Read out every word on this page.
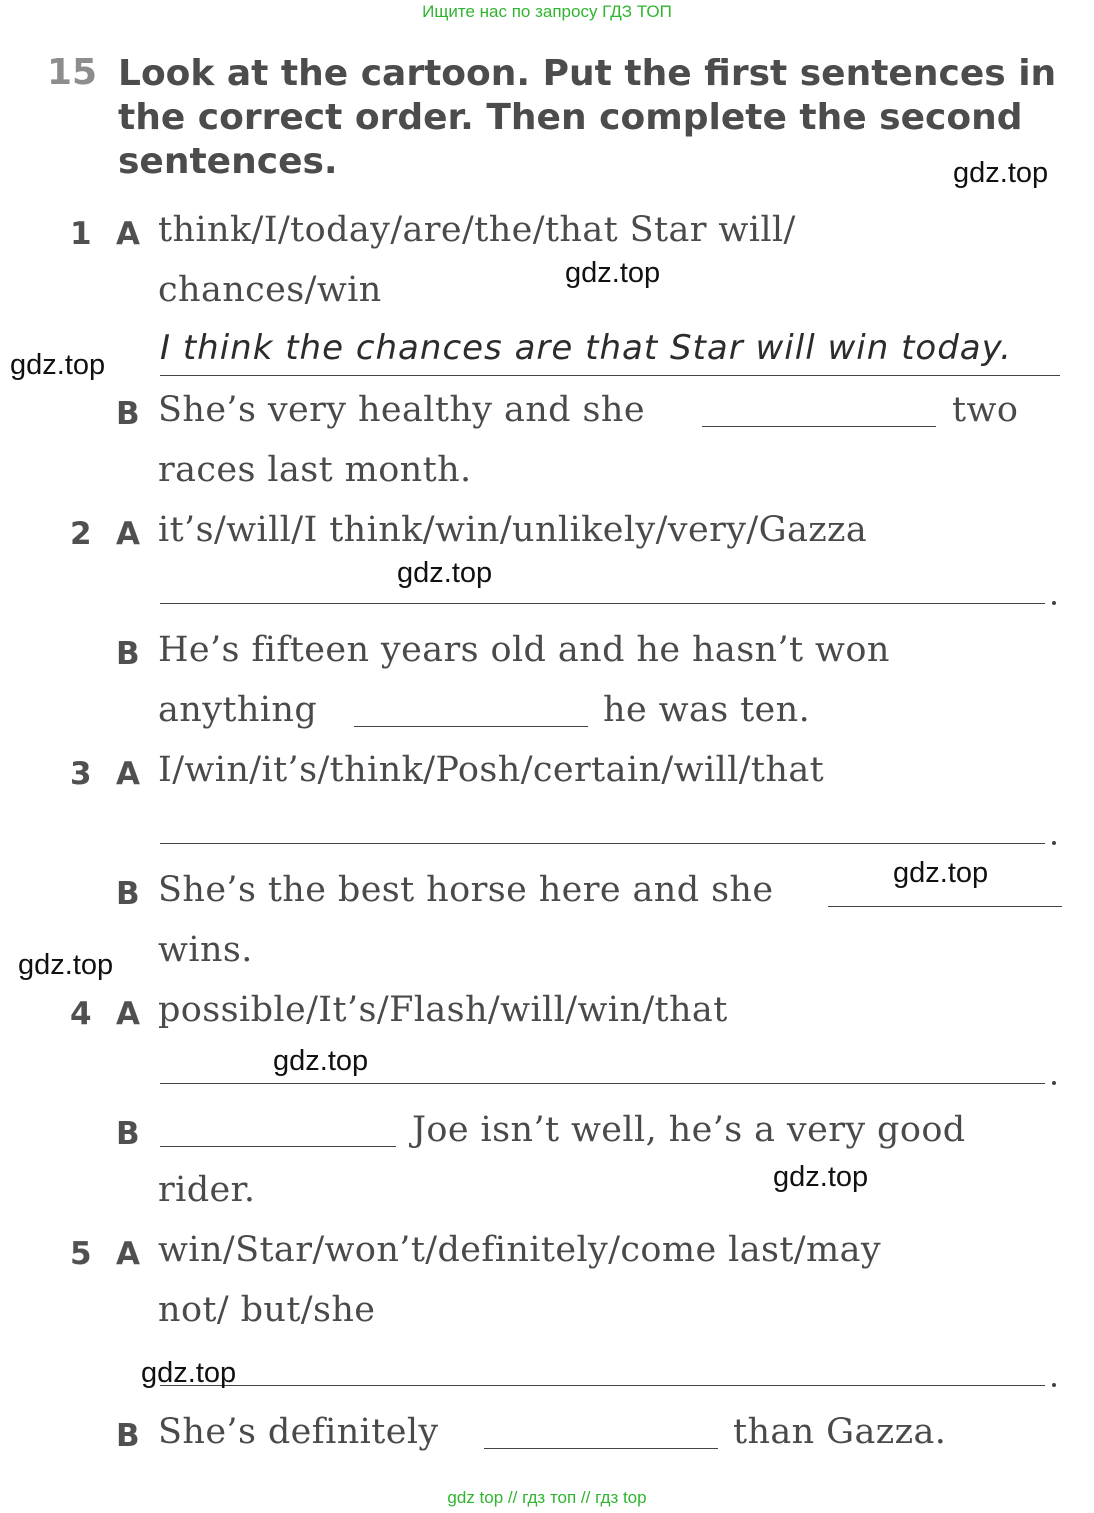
Ищите нас по запросу ГДЗ ТОП
15 Look at the cartoon. Put the first sentences in
the correct order. Then complete the second
sentences.
1 A think/I/today/are/the/that Star will/
chances/win
I think the chances are that Star will win today.
B She’s very healthy and she	two
races last month.
2 A it’s/will/I think/win/unlikely/very/Gazza
B He’s fifteen years old and he hasn’t won
anything	he was ten.
3 A I/win/it’s/think/Posh/certain/will/that
B She’s the best horse here and she
wins.
4 A possible/It’s/Flash/will/win/that
B	Joe isn’t well, he’s a very good
rider.
5 A win/Star/won’t/definitely/come last/may
not/ but/she
B She’s definitely	than Gazza.
gdz.top
gdz.top
gdz.top
gdz.top
gdz.top
gdz.top
gdz.top
gdz.top
gdz.top
gdz top // гдз топ // гдз top
